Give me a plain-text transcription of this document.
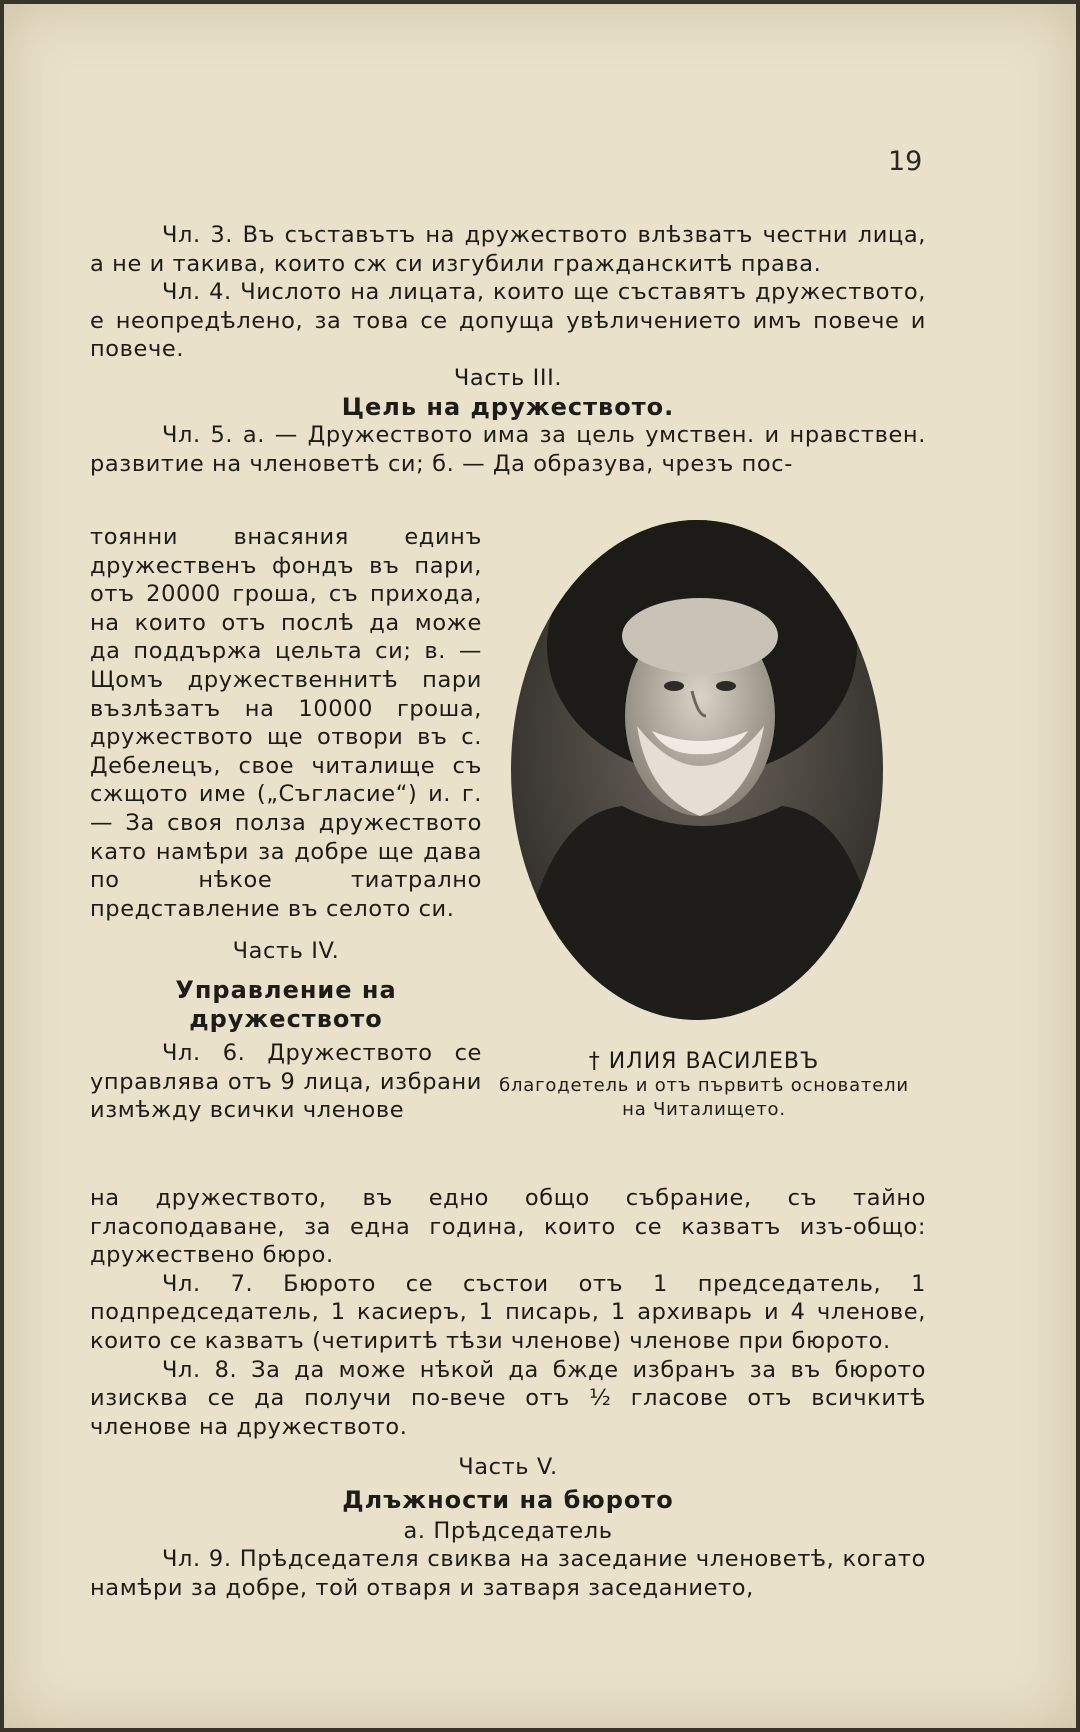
19

Чл. 3. Въ съставътъ на дружеството влѣзватъ честни лица, а не и такива, които сж си изгубили гражданскитѣ права.

Чл. 4. Числото на лицата, които ще съставятъ дружеството, е неопредѣлено, за това се допуща увѣличението имъ повече и повече.

Часть III.

Цель на дружеството.

Чл. 5. а. — Дружеството има за цель умствен. и нравствен. развитие на членоветѣ си; б. — Да образува, чрезъ пос-

тоянни внасяния единъ дружественъ фондъ въ пари, отъ 20000 гроша, съ приходa, на които отъ послѣ да може да поддържа цельта си; в. — Щомъ дружественнитѣ пари възлѣзатъ на 10000 гроша, дружеството ще отвори въ с. Дебелецъ, свое читалище съ сжщото име („Съгласие“) и. г. — За своя полза дружеството като намѣри за добре ще дава по нѣкое тиатрално представление въ селото си.

Часть IV.

Управление на дружеството

Чл. 6. Дружеството се управлява отъ 9 лица, избрани измѣжду всички членове

† ИЛИЯ ВАСИЛЕВЪ
благодетель и отъ първитѣ основатели на Читалището.

на дружеството, въ едно общо събрание, съ тайно гласоподаване, за една година, които се казватъ изъ-общо: дружествено бюро.

Чл. 7. Бюрото се състои отъ 1 председатель, 1 подпредседатель, 1 касиеръ, 1 писарь, 1 архиварь и 4 членове, които се казватъ (четиритѣ тѣзи членове) членове при бюрото.

Чл. 8. За да може нѣкой да бжде избранъ за въ бюрото изисква се да получи по-вече отъ ½ гласове отъ всичкитѣ членове на дружеството.

Часть V.

Длъжности на бюрото

а. Прѣдседатель

Чл. 9. Прѣдседателя свиква на заседание членоветѣ, когато намѣри за добре, той отваря и затваря заседанието,
